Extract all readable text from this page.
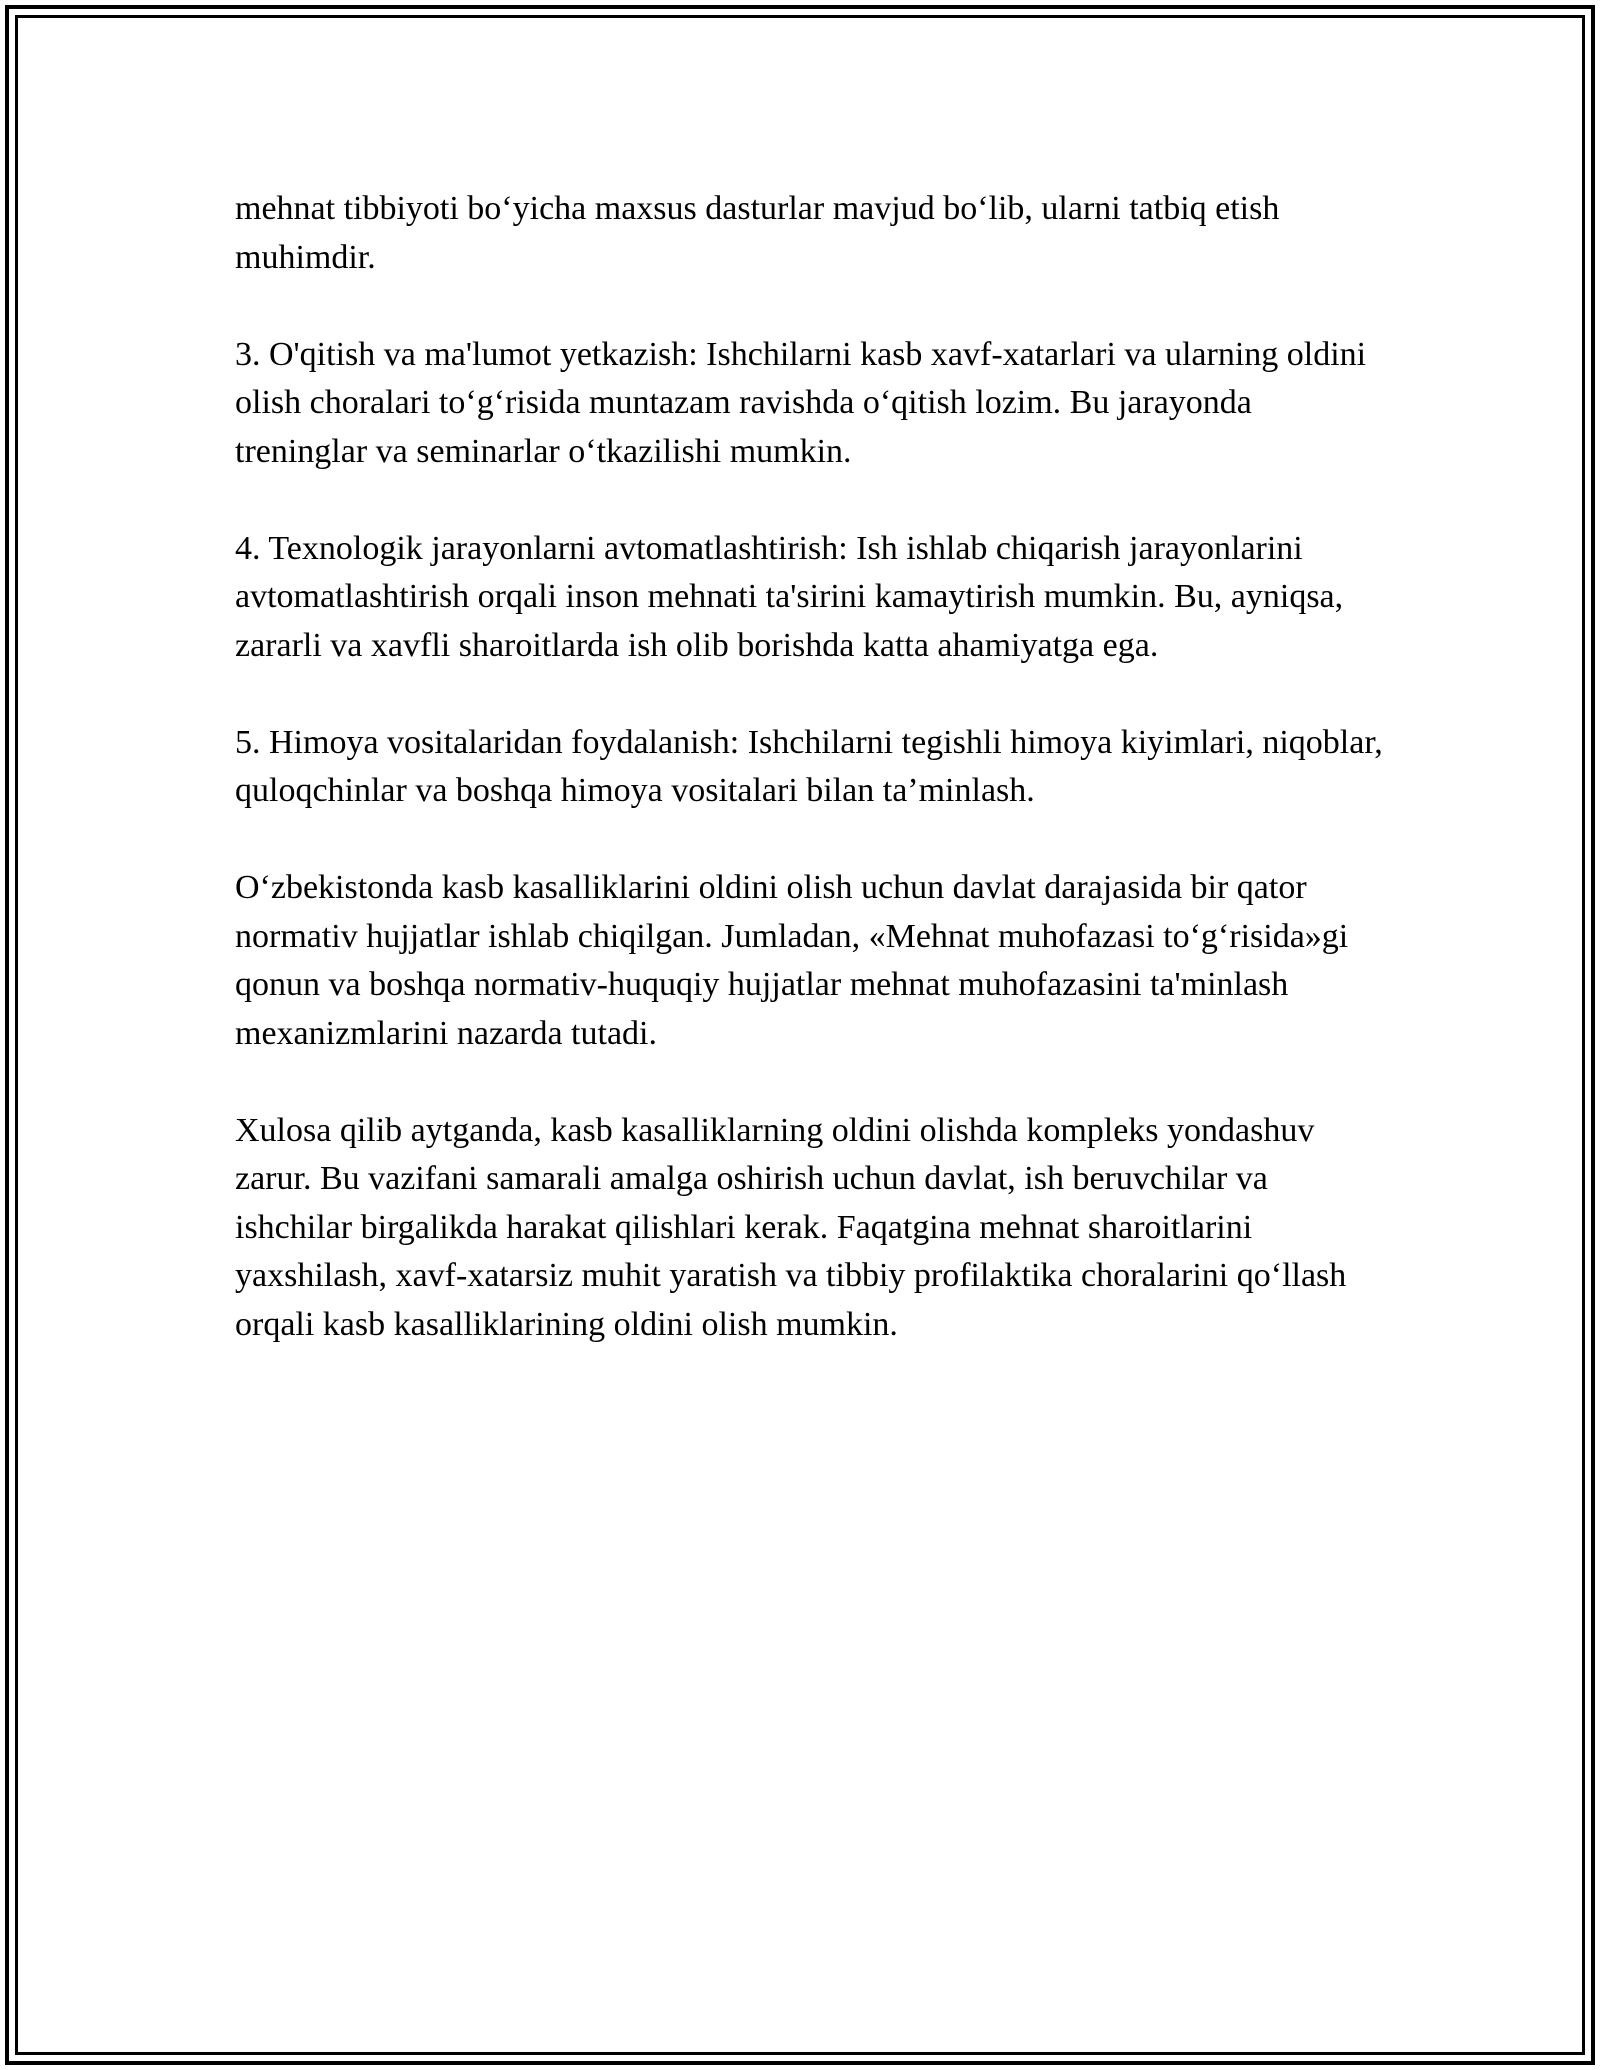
mehnat tibbiyoti bo‘yicha maxsus dasturlar mavjud bo‘lib, ularni tatbiq etish muhimdir.

3. O'qitish va ma'lumot yetkazish: Ishchilarni kasb xavf-xatarlari va ularning oldini olish choralari to‘g‘risida muntazam ravishda o‘qitish lozim. Bu jarayonda treninglar va seminarlar o‘tkazilishi mumkin.

4. Texnologik jarayonlarni avtomatlashtirish: Ish ishlab chiqarish jarayonlarini avtomatlashtirish orqali inson mehnati ta'sirini kamaytirish mumkin. Bu, ayniqsa, zararli va xavfli sharoitlarda ish olib borishda katta ahamiyatga ega.

5. Himoya vositalaridan foydalanish: Ishchilarni tegishli himoya kiyimlari, niqoblar, quloqchinlar va boshqa himoya vositalari bilan ta’minlash.

O‘zbekistonda kasb kasalliklarini oldini olish uchun davlat darajasida bir qator normativ hujjatlar ishlab chiqilgan. Jumladan, «Mehnat muhofazasi to‘g‘risida»gi qonun va boshqa normativ-huquqiy hujjatlar mehnat muhofazasini ta'minlash mexanizmlarini nazarda tutadi.

Xulosa qilib aytganda, kasb kasalliklarning oldini olishda kompleks yondashuv zarur. Bu vazifani samarali amalga oshirish uchun davlat, ish beruvchilar va ishchilar birgalikda harakat qilishlari kerak. Faqatgina mehnat sharoitlarini yaxshilash, xavf-xatarsiz muhit yaratish va tibbiy profilaktika choralarini qo‘llash orqali kasb kasalliklarining oldini olish mumkin.
